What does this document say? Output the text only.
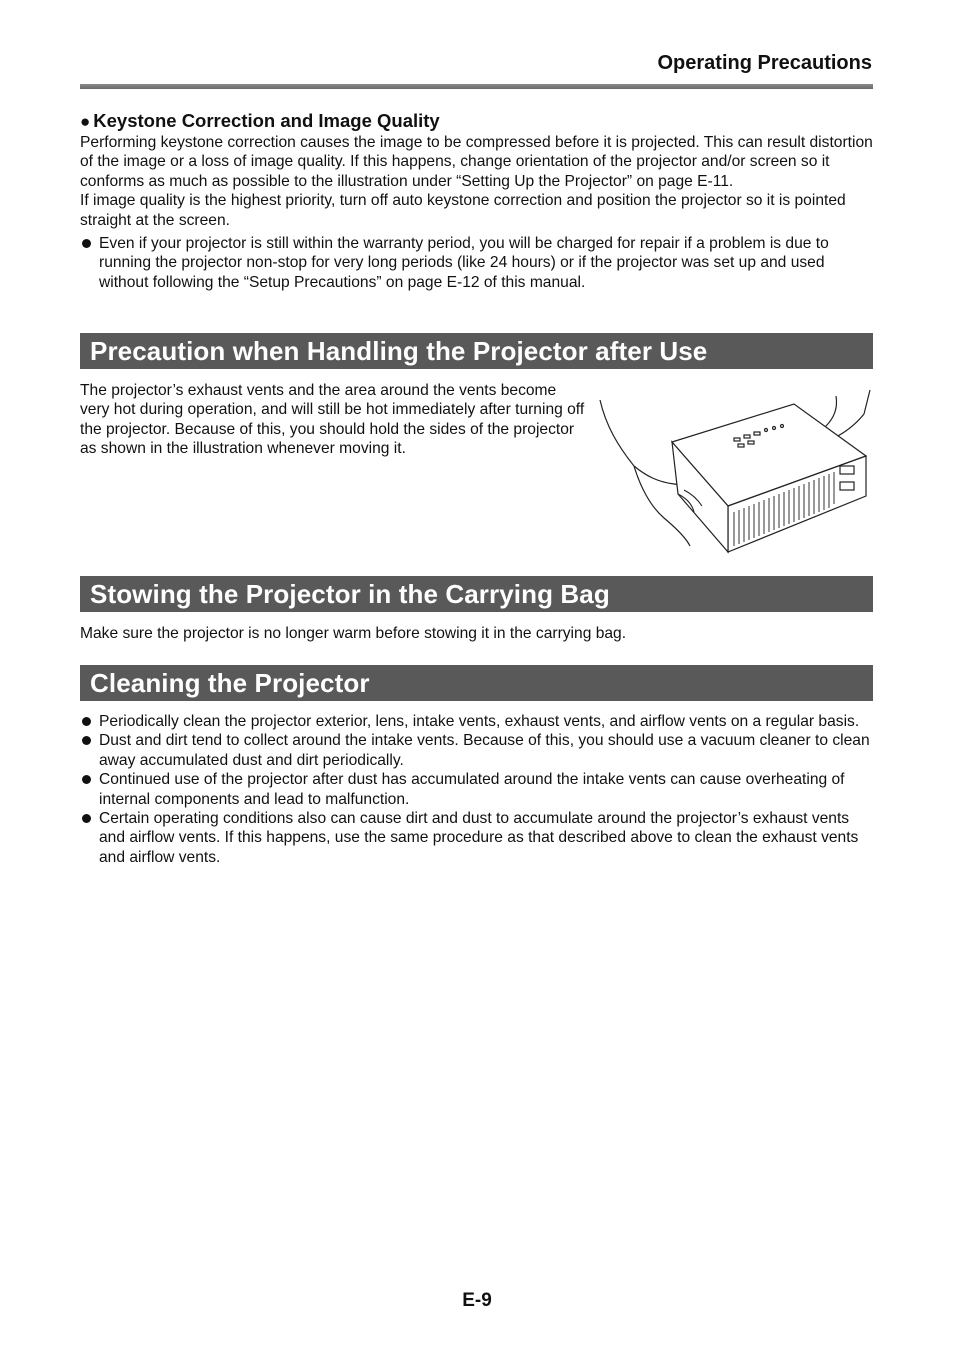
Operating Precautions

● Keystone Correction and Image Quality

Performing keystone correction causes the image to be compressed before it is projected. This can result distortion of the image or a loss of image quality. If this happens, change orientation of the projector and/or screen so it conforms as much as possible to the illustration under “Setting Up the Projector” on page E-11.

If image quality is the highest priority, turn off auto keystone correction and position the projector so it is pointed straight at the screen.

Even if your projector is still within the warranty period, you will be charged for repair if a problem is due to running the projector non-stop for very long periods (like 24 hours) or if the projector was set up and used without following the “Setup Precautions” on page E-12 of this manual.
Precaution when Handling the Projector after Use

The projector’s exhaust vents and the area around the vents become very hot during operation, and will still be hot immediately after turning off the projector. Because of this, you should hold the sides of the projector as shown in the illustration whenever moving it.

Stowing the Projector in the Carrying Bag

Make sure the projector is no longer warm before stowing it in the carrying bag.

Cleaning the Projector
Periodically clean the projector exterior, lens, intake vents, exhaust vents, and airflow vents on a regular basis.
Dust and dirt tend to collect around the intake vents. Because of this, you should use a vacuum cleaner to clean away accumulated dust and dirt periodically.
Continued use of the projector after dust has accumulated around the intake vents can cause overheating of internal components and lead to malfunction.
Certain operating conditions also can cause dirt and dust to accumulate around the projector’s exhaust vents and airflow vents. If this happens, use the same procedure as that described above to clean the exhaust vents and airflow vents.
E-9
